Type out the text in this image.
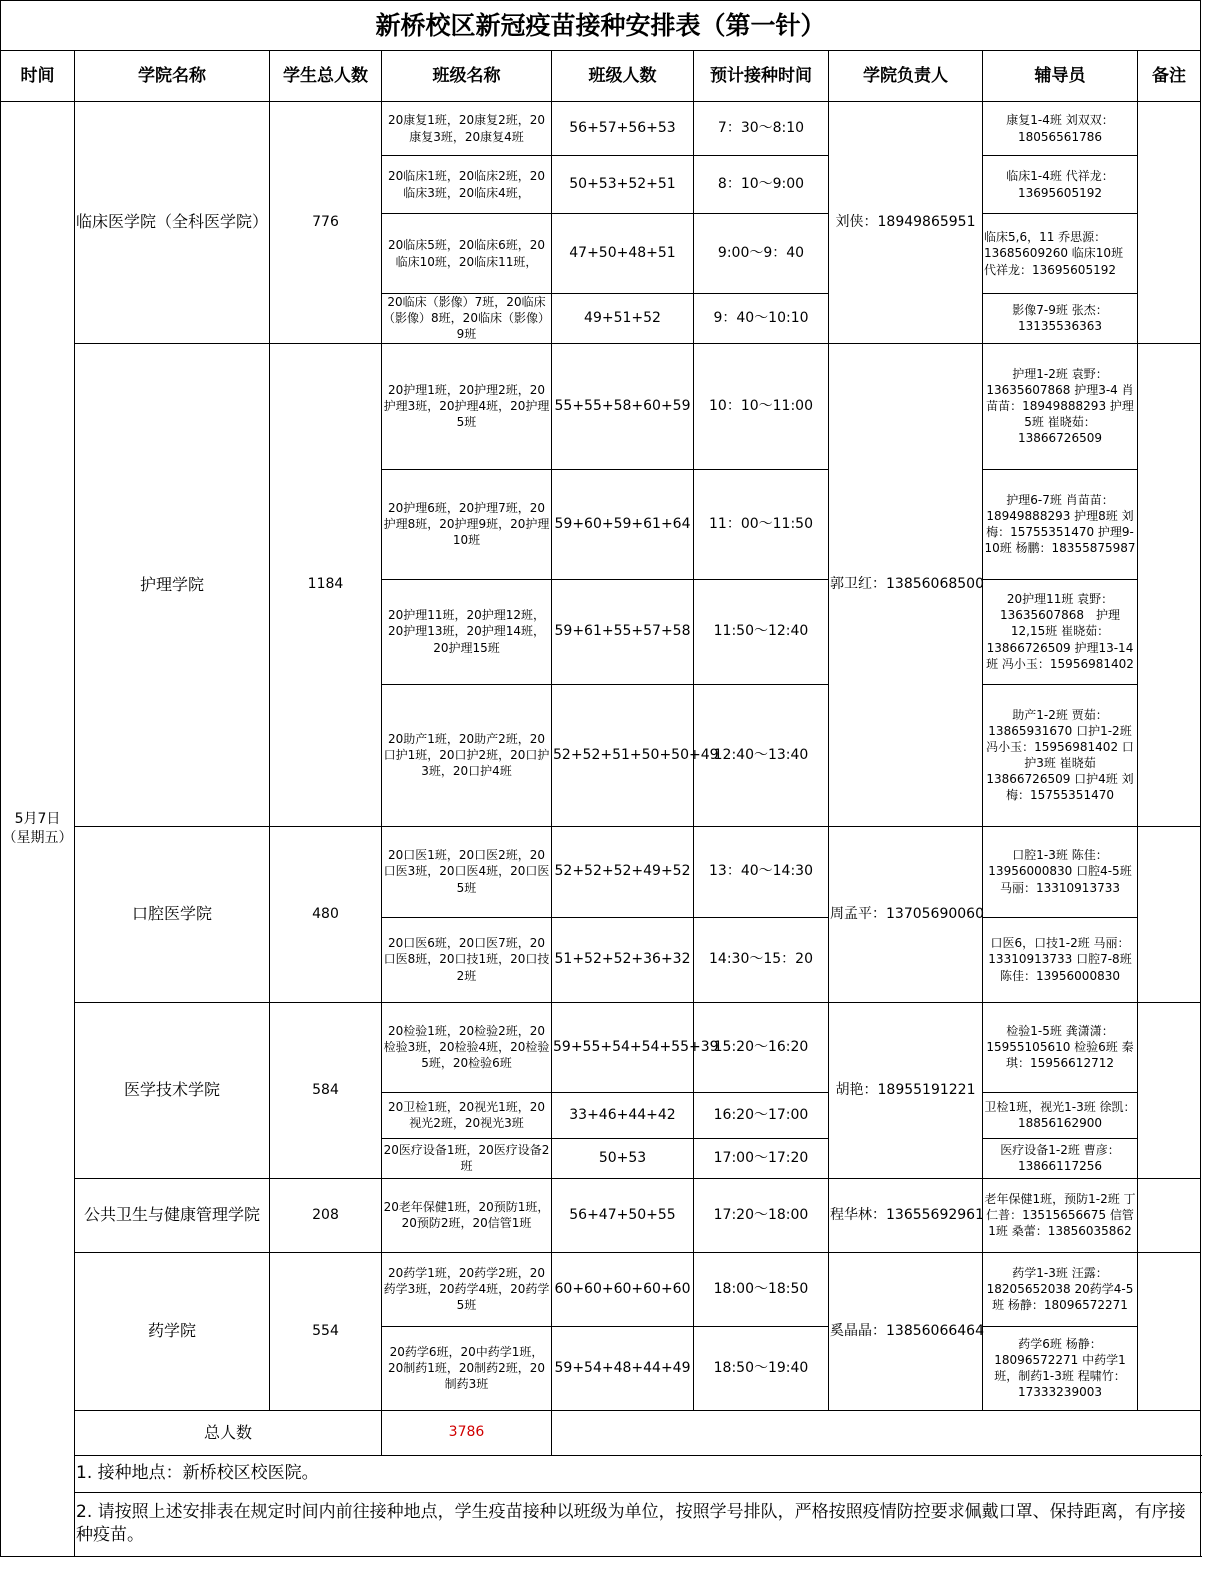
新桥校区新冠疫苗接种安排表（第一针）								
时间	学院名称	学生总人数	班级名称	班级人数	预计接种时间	学院负责人	辅导员	备注
5月7日（星期五）	临床医学院（全科医学院）	776	20康复1班，20康复2班，20康复3班，20康复4班	56+57+56+53	7：30～8:10	刘侠：18949865951	康复1-4班 刘双双：18056561786	
			20临床1班，20临床2班，20临床3班，20临床4班，	50+53+52+51	8：10～9:00		临床1-4班 代祥龙：13695605192	
			20临床5班，20临床6班，20临床10班，20临床11班，	47+50+48+51	9:00～9：40		临床5,6，11 乔思源：13685609260 临床10班 代祥龙：13695605192	
			20临床（影像）7班，20临床（影像）8班，20临床（影像）9班	49+51+52	9：40～10:10		影像7-9班 张杰：13135536363	
	护理学院	1184	20护理1班，20护理2班，20护理3班，20护理4班，20护理5班	55+55+58+60+59	10：10～11:00	郭卫红：13856068500	护理1-2班 袁野：13635607868 护理3-4 肖苗苗：18949888293 护理5班 崔晓茹：13866726509	
			20护理6班，20护理7班，20护理8班，20护理9班，20护理10班	59+60+59+61+64	11：00～11:50		护理6-7班 肖苗苗：18949888293 护理8班 刘梅：15755351470 护理9-10班 杨鹏：18355875987	
			20护理11班，20护理12班，20护理13班，20护理14班，20护理15班	59+61+55+57+58	11:50～12:40		20护理11班 袁野：13635607868　护理12,15班 崔晓茹：13866726509 护理13-14班 冯小玉：15956981402	
			20助产1班，20助产2班，20口护1班，20口护2班，20口护3班，20口护4班	52+52+51+50+50+49	12:40～13:40		助产1-2班 贾茹：13865931670 口护1-2班 冯小玉：15956981402 口护3班 崔晓茹13866726509 口护4班 刘梅：15755351470	
	口腔医学院	480	20口医1班，20口医2班，20口医3班，20口医4班，20口医5班	52+52+52+49+52	13：40～14:30	周孟平：13705690060	口腔1-3班 陈佳：13956000830 口腔4-5班 马丽：13310913733	
			20口医6班，20口医7班，20口医8班，20口技1班，20口技2班	51+52+52+36+32	14:30～15：20		口医6，口技1-2班 马丽：13310913733 口腔7-8班 陈佳：13956000830	
	医学技术学院	584	20检验1班，20检验2班，20检验3班，20检验4班，20检验5班，20检验6班	59+55+54+54+55+39	15:20～16:20	胡艳：18955191221	检验1-5班 龚潇潇：15955105610 检验6班 秦琪：15956612712	
			20卫检1班，20视光1班，20视光2班，20视光3班	33+46+44+42	16:20～17:00		卫检1班，视光1-3班 徐凯：18856162900	
			20医疗设备1班，20医疗设备2班	50+53	17:00～17:20		医疗设备1-2班 曹彦：13866117256	
	公共卫生与健康管理学院	208	20老年保健1班，20预防1班，20预防2班，20信管1班	56+47+50+55	17:20～18:00	程华林：13655692961	老年保健1班，预防1-2班 丁仁普：13515656675 信管1班 桑蕾：13856035862	
	药学院	554	20药学1班，20药学2班，20药学3班，20药学4班，20药学5班	60+60+60+60+60	18:00～18:50	奚晶晶：13856066464	药学1-3班 汪露：18205652038 20药学4-5班 杨静：18096572271	
			20药学6班，20中药学1班，20制药1班，20制药2班，20制药3班	59+54+48+44+49	18:50～19:40		药学6班 杨静：18096572271 中药学1班，制药1-3班 程啸竹：17333239003	
	总人数		3786					
	1. 接种地点：新桥校区校医院。							
	2. 请按照上述安排表在规定时间内前往接种地点，学生疫苗接种以班级为单位，按照学号排队，严格按照疫情防控要求佩戴口罩、保持距离，有序接种疫苗。							
